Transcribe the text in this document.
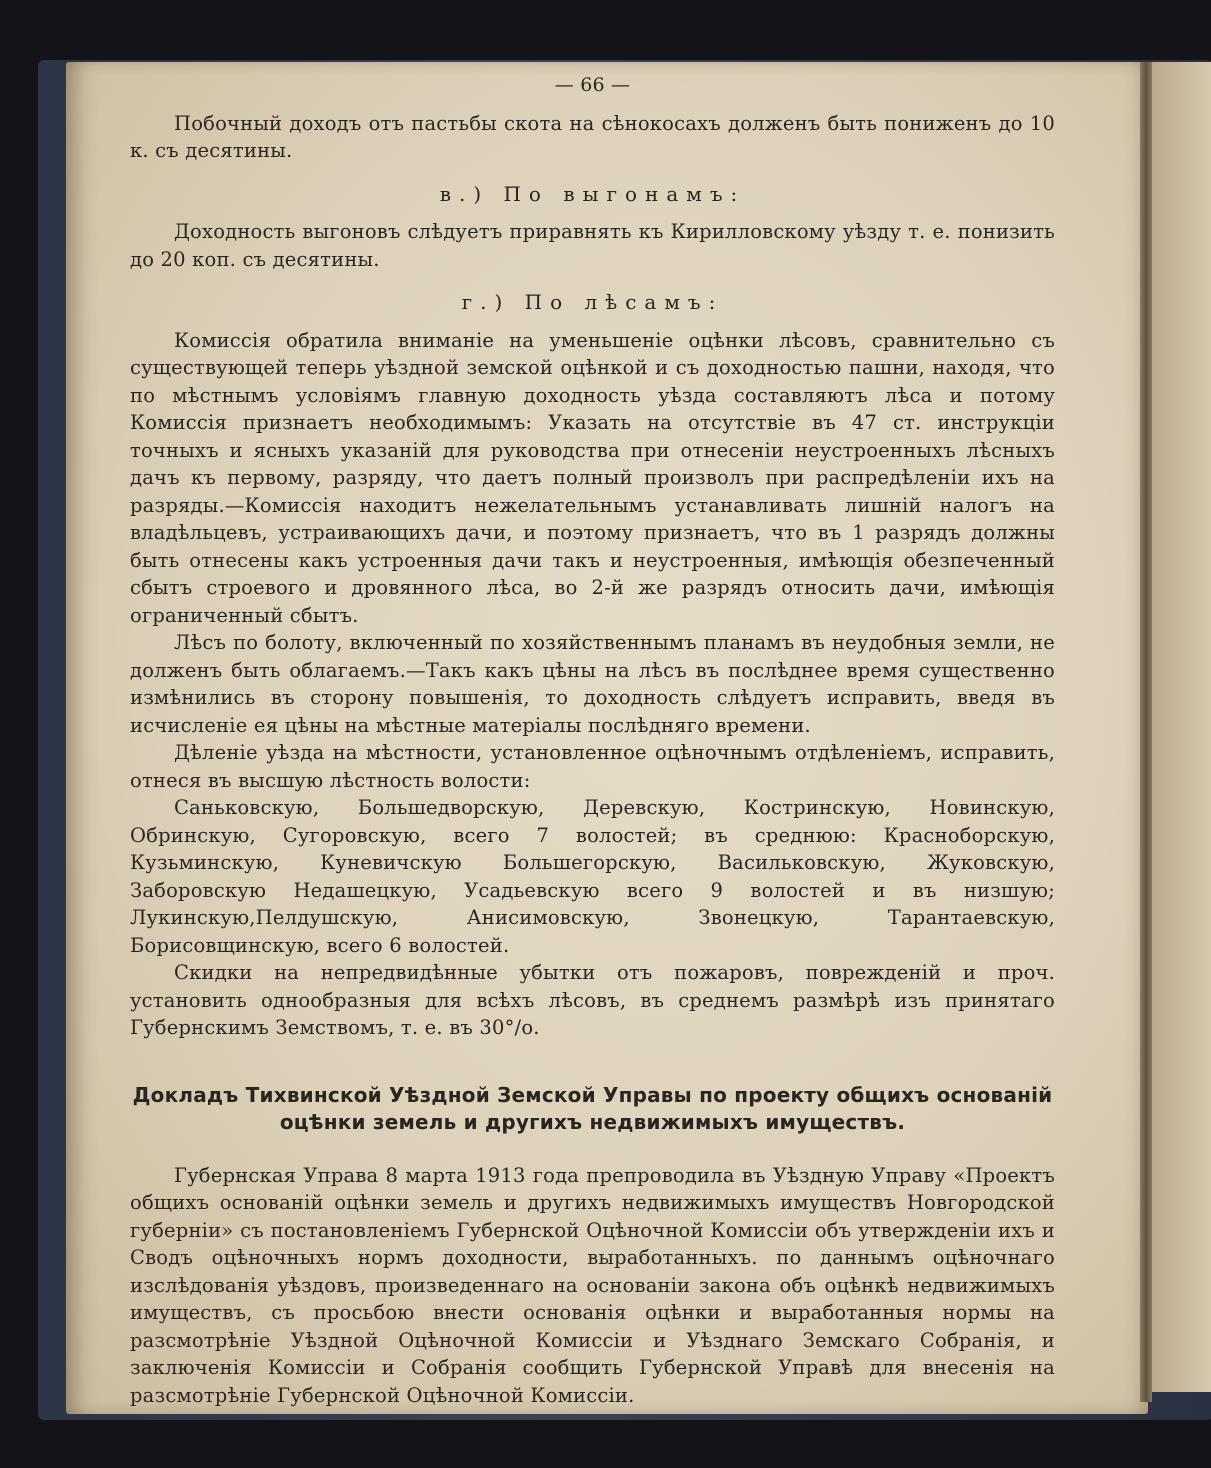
— 66 —

Побочный доходъ отъ пастьбы скота на сѣнокосахъ долженъ быть пониженъ до 10 к. съ десятины.

в.) По выгонамъ:

Доходность выгоновъ слѣдуетъ приравнять къ Кирилловскому уѣзду т. е. понизить до 20 коп. съ десятины.

г.) По лѣсамъ:

Комиссія обратила вниманіе на уменьшеніе оцѣнки лѣсовъ, сравнительно съ существующей теперь уѣздной земской оцѣнкой и съ доходностью пашни, находя, что по мѣстнымъ условіямъ главную доходность уѣзда составляютъ лѣса и потому Комиссія признаетъ необходимымъ: Указать на отсутствіе въ 47 ст. инструкціи точныхъ и ясныхъ указаній для руководства при отнесеніи неустроенныхъ лѣсныхъ дачъ къ первому, разряду, что даетъ полный произволъ при распредѣленіи ихъ на разряды.—Комиссія находитъ нежелательнымъ устанавливать лишній налогъ на владѣльцевъ, устраивающихъ дачи, и поэтому признаетъ, что въ 1 разрядъ должны быть отнесены какъ устроенныя дачи такъ и неустроенныя, имѣющія обезпеченный сбытъ строевого и дровянного лѣса, во 2-й же разрядъ относить дачи, имѣющія ограниченный сбытъ.

Лѣсъ по болоту, включенный по хозяйственнымъ планамъ въ неудобныя земли, не долженъ быть облагаемъ.—Такъ какъ цѣны на лѣсъ въ послѣднее время существенно измѣнились въ сторону повышенія, то доходность слѣдуетъ исправить, введя въ исчисленіе ея цѣны на мѣстные матеріалы послѣдняго времени.

Дѣленіе уѣзда на мѣстности, установленное оцѣночнымъ отдѣленіемъ, исправить, отнеся въ высшую лѣстность волости:

Саньковскую, Большедворскую, Деревскую, Костринскую, Новинскую, Обринскую, Сугоровскую, всего 7 волостей; въ среднюю: Красноборскую, Кузьминскую, Куневичскую Большегорскую, Васильковскую, Жуковскую, Заборовскую Недашецкую, Усадьевскую всего 9 волостей и въ низшую; Лукинскую,Пелдушскую, Анисимовскую, Звонецкую, Тарантаевскую, Борисовщинскую, всего 6 волостей.

Скидки на непредвидѣнные убытки отъ пожаровъ, поврежденій и проч. установить однообразныя для всѣхъ лѣсовъ, въ среднемъ размѣрѣ изъ принятаго Губернскимъ Земствомъ, т. е. въ 30°/о.

Докладъ Тихвинской Уѣздной Земской Управы по проекту общихъ основаній
оцѣнки земель и другихъ недвижимыхъ имуществъ.

Губернская Управа 8 марта 1913 года препроводила въ Уѣздную Управу «Проектъ общихъ основаній оцѣнки земель и другихъ недвижимыхъ имуществъ Новгородской губерніи» съ постановленіемъ Губернской Оцѣночной Комиссіи объ утвержденіи ихъ и Сводъ оцѣночныхъ нормъ доходности, выработанныхъ. по даннымъ оцѣночнаго изслѣдованія уѣздовъ, произведеннаго на основаніи закона объ оцѣнкѣ недвижимыхъ имуществъ, съ просьбою внести основанія оцѣнки и выработанныя нормы на разсмотрѣніе Уѣздной Оцѣночной Комиссіи и Уѣзднаго Земскаго Собранія, и заключенія Комиссіи и Собранія сообщить Губернской Управѣ для внесенія на разсмотрѣніе Губернской Оцѣночной Комиссіи.
